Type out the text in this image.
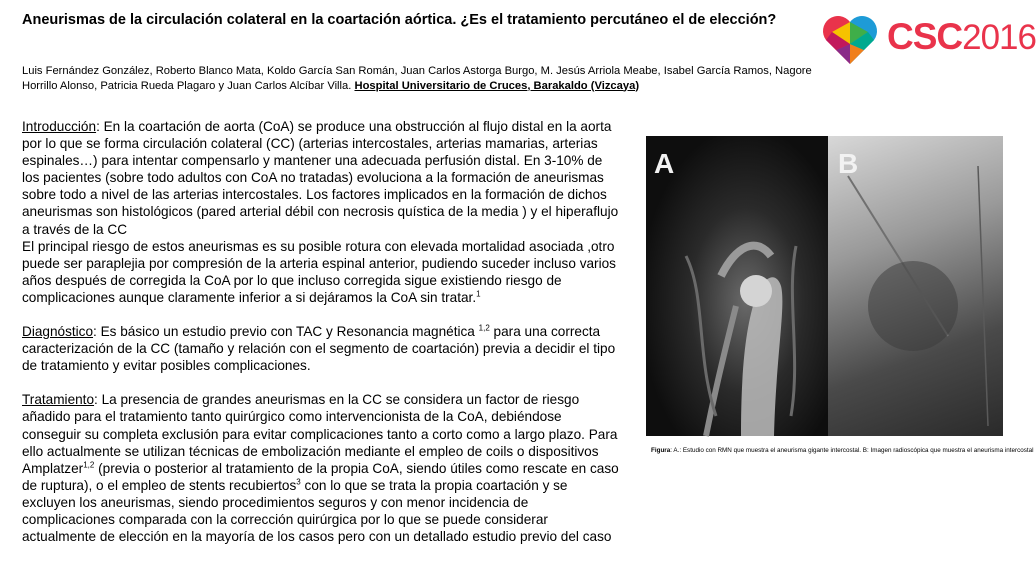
Aneurismas de la circulación colateral en la coartación aórtica. ¿Es el tratamiento percutáneo el de elección?

Luis Fernández González, Roberto Blanco Mata, Koldo García San Román, Juan Carlos Astorga Burgo, M. Jesús Arriola Meabe, Isabel García Ramos, Nagore Horrillo Alonso, Patricia Rueda Plagaro y Juan Carlos Alcíbar Villa. Hospital Universitario de Cruces, Barakaldo (Vizcaya)

CSC2016

Introducción: En la coartación de aorta (CoA) se produce una obstrucción al flujo distal en la aorta por lo que se forma circulación colateral (CC) (arterias intercostales, arterias mamarias, arterias espinales…) para intentar compensarlo y mantener una adecuada perfusión distal. En 3-10% de los pacientes (sobre todo adultos con CoA no tratadas) evoluciona a la formación de aneurismas sobre todo a nivel de las arterias intercostales. Los factores implicados en la formación de dichos aneurismas son histológicos (pared arterial débil con necrosis quística de la media ) y el hiperaflujo a través de la CC

El principal riesgo de estos aneurismas es su posible rotura con elevada mortalidad asociada ,otro puede ser paraplejia por compresión de la arteria espinal anterior, pudiendo suceder incluso varios años después de corregida la CoA por lo que incluso corregida sigue existiendo riesgo de complicaciones aunque claramente inferior a si dejáramos la CoA sin tratar.$^1$

Diagnóstico: Es básico un estudio previo con TAC y Resonancia magnética $^{1,2}$ para una correcta caracterización de la CC (tamaño y relación con el segmento de coartación) previa a decidir el tipo de tratamiento y evitar posibles complicaciones.

Tratamiento: La presencia de grandes aneurismas en la CC se considera un factor de riesgo añadido para el tratamiento tanto quirúrgico como intervencionista de la CoA, debiéndose conseguir su completa exclusión para evitar complicaciones tanto a corto como a largo plazo. Para ello actualmente se utilizan técnicas de embolización mediante el empleo de coils o dispositivos Amplatzer$^{1,2}$ (previa o posterior al tratamiento de la propia CoA, siendo útiles como rescate en caso de ruptura), o el empleo de stents recubiertos$^3$ con lo que se trata la propia coartación y se excluyen los aneurismas, siendo procedimientos seguros y con menor incidencia de complicaciones comparada con la corrección quirúrgica por lo que se puede considerar actualmente de elección en la mayoría de los casos pero con un detallado estudio previo del caso

A	B

Figura: A.: Estudio con RMN que muestra el aneurisma gigante intercostal. B: Imagen radioscópica que muestra el aneurisma intercostal
